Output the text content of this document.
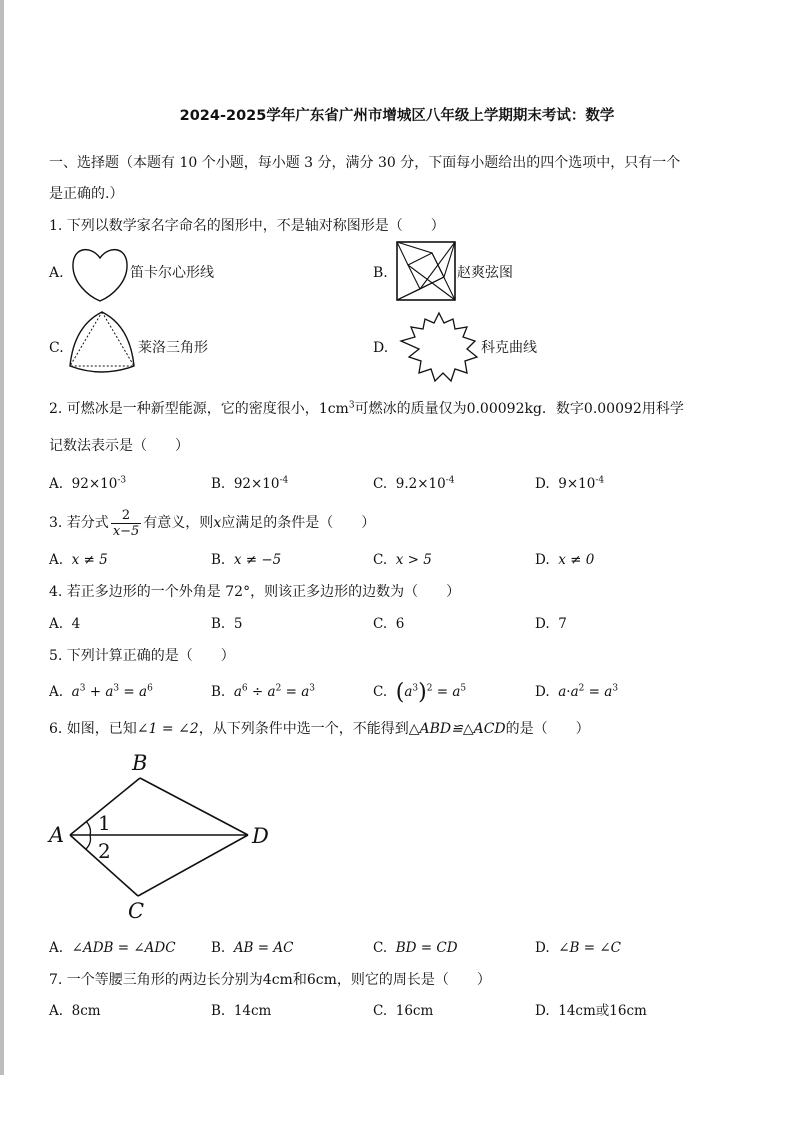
2024-2025学年广东省广州市增城区八年级上学期期末考试：数学
一、选择题（本题有 10 个小题，每小题 3 分，满分 30 分，下面每小题给出的四个选项中，只有一个
是正确的.）
1. 下列以数学家名字命名的图形中，不是轴对称图形是（　　）
A.	笛卡尔心形线	B.	赵爽弦图
C.	莱洛三角形	D.	科克曲线
2. 可燃冰是一种新型能源，它的密度很小，$1cm^3$可燃冰的质量仅为0.00092kg．数字0.00092用科学
记数法表示是（　　）
A. $92\times 10^{-3}$	B. $92\times 10^{-4}$	C. $9.2\times 10^{-4}$	D. $9\times 10^{-4}$
3. 若分式 $\frac{2}{x-5}$ 有意义，则x应满足的条件是（　　）
A. x ≠ 5	B. x ≠ −5	C. x > 5	D. x ≠ 0
4. 若正多边形的一个外角是 72°，则该正多边形的边数为（　　）
A. 4	B. 5	C. 6	D. 7
5. 下列计算正确的是（　　）
A. $a^3 + a^3 = a^6$	B. $a^6 \div a^2 = a^3$	C. $(a^3)^2 = a^5$	D. $a\cdot a^2 = a^3$
6. 如图，已知∠1 = ∠2，从下列条件中选一个，不能得到△ABD≌△ACD的是（　　）
B
A	D
C
1
2
A. ∠ADB = ∠ADC	B. AB = AC	C. BD = CD	D. ∠B = ∠C
7. 一个等腰三角形的两边长分别为4cm和6cm，则它的周长是（　　）
A. 8cm	B. 14cm	C. 16cm	D. 14cm或16cm
